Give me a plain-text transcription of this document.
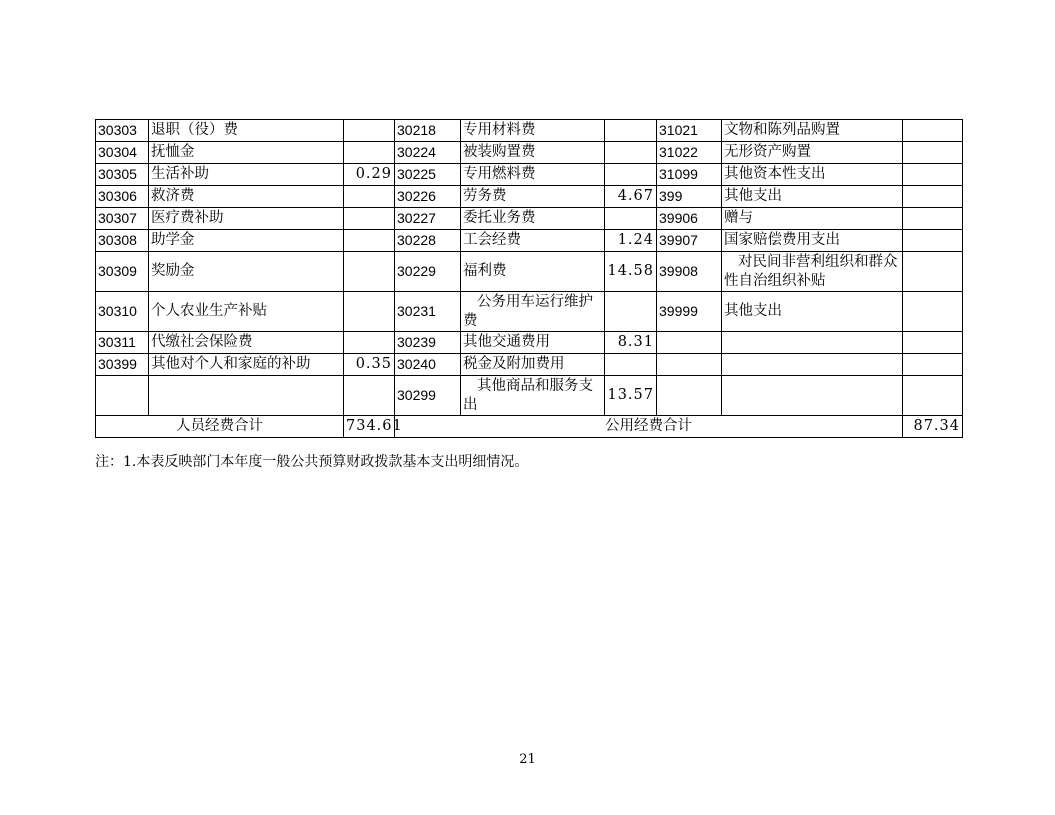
30303	退职（役）费		30218	专用材料费		31021	文物和陈列品购置	
30304	抚恤金		30224	被装购置费		31022	无形资产购置	
30305	生活补助	0.29	30225	专用燃料费		31099	其他资本性支出	
30306	救济费		30226	劳务费	4.67	399	其他支出	
30307	医疗费补助		30227	委托业务费		39906	赠与	
30308	助学金		30228	工会经费	1.24	39907	国家赔偿费用支出	
30309	奖励金		30229	福利费	14.58	39908	对民间非营利组织和群众性自治组织补贴	
30310	个人农业生产补贴		30231	公务用车运行维护费		39999	其他支出	
30311	代缴社会保险费		30239	其他交通费用	8.31			
30399	其他对个人和家庭的补助	0.35	30240	税金及附加费用				
			30299	其他商品和服务支出	13.57			
人员经费合计		734.61	公用经费合计					87.34
注：1.本表反映部门本年度一般公共预算财政拨款基本支出明细情况。
21
